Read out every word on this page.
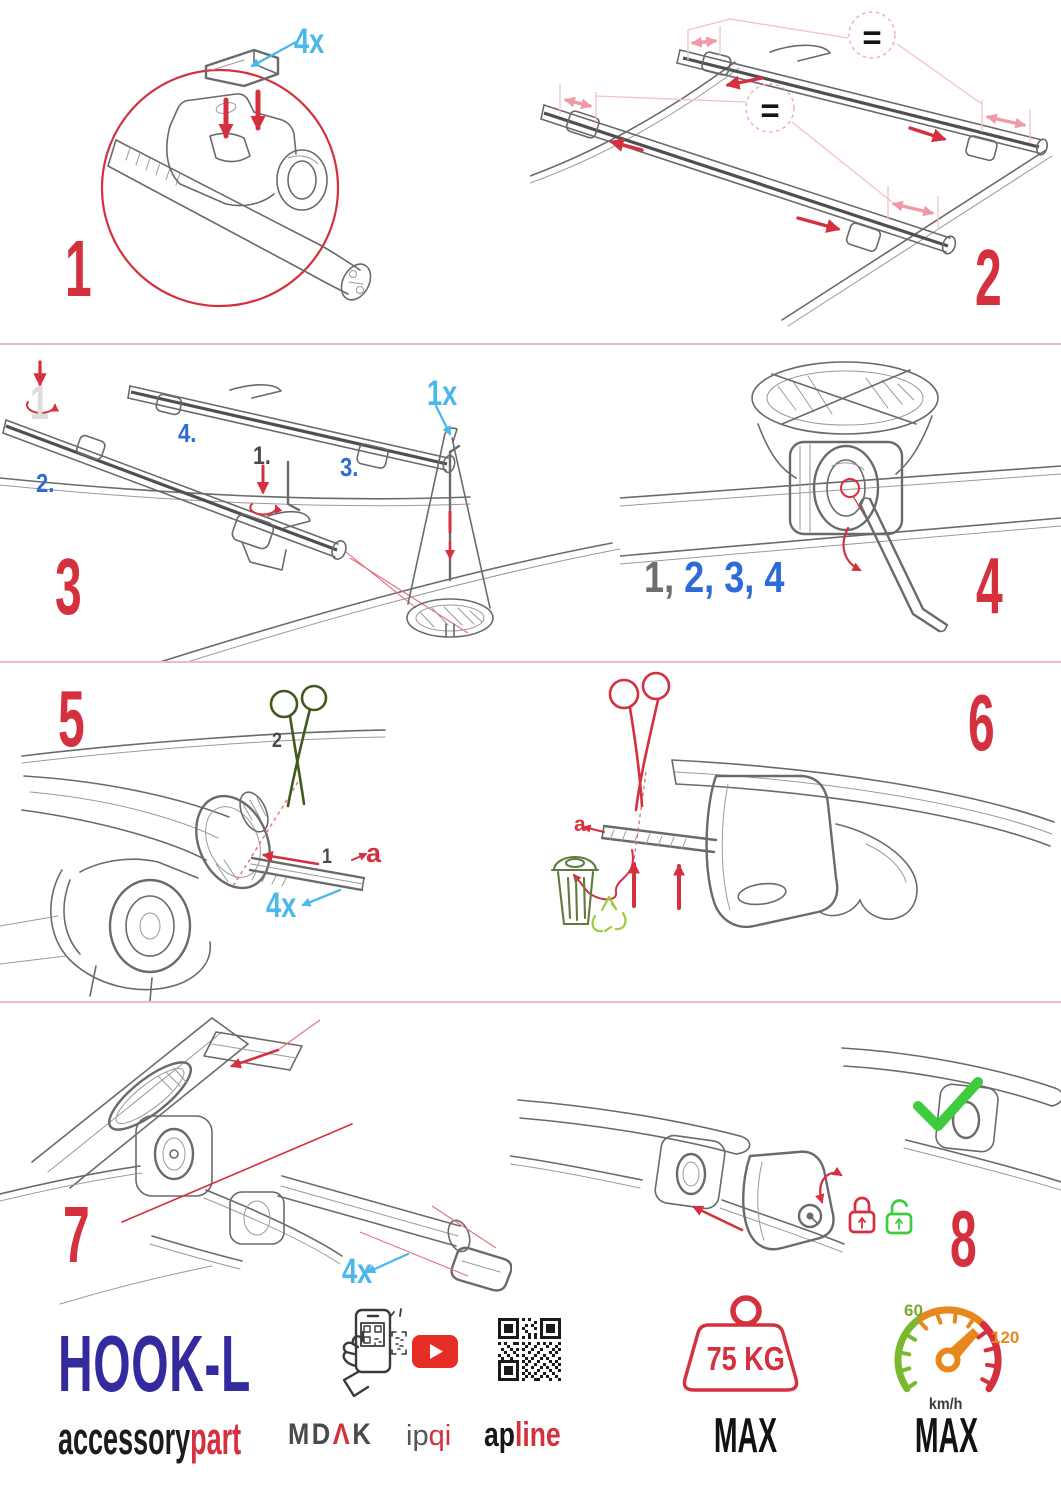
4x
1
=
=
2
1
2.
4.
1.	3.
1x
3	1, 2, 3, 4 4
5	2
1 a
4x
a
6
7	4x	8
HOOK-L
accessorypart MDΛK ipqi apline
75 KG
MAX
60
120
km/h
MAX
